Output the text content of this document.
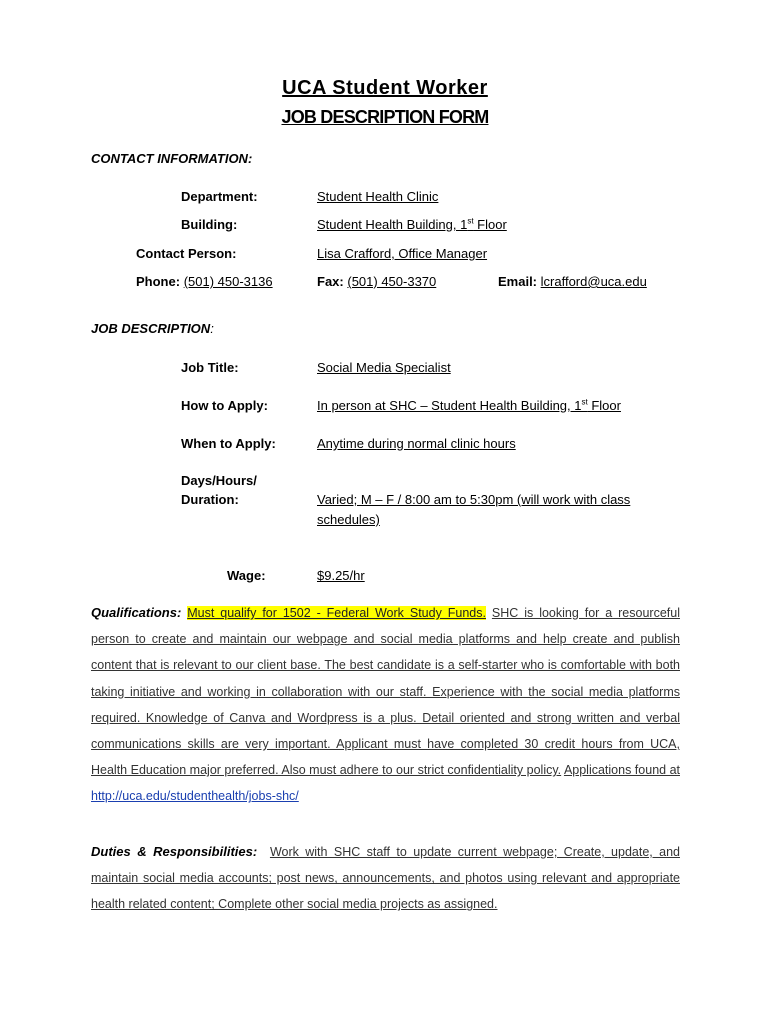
UCA Student Worker
JOB DESCRIPTION FORM
CONTACT INFORMATION:
Department:	Student Health Clinic
Building:	Student Health Building, 1st Floor
Contact Person:	Lisa Crafford, Office Manager
Phone: (501) 450-3136	Fax: (501) 450-3370	Email: lcrafford@uca.edu
JOB DESCRIPTION:
Job Title:	Social Media Specialist
How to Apply:	In person at SHC – Student Health Building, 1st Floor
When to Apply:	Anytime during normal clinic hours
Days/Hours/
Duration:	Varied; M – F / 8:00 am to 5:30pm (will work with class
schedules)
Wage:	$9.25/hr
Qualifications: Must qualify for 1502 - Federal Work Study Funds. SHC is looking for a resourceful person to create and maintain our webpage and social media platforms and help create and publish content that is relevant to our client base. The best candidate is a self-starter who is comfortable with both taking initiative and working in collaboration with our staff. Experience with the social media platforms required. Knowledge of Canva and Wordpress is a plus. Detail oriented and strong written and verbal communications skills are very important. Applicant must have completed 30 credit hours from UCA, Health Education major preferred. Also must adhere to our strict confidentiality policy. Applications found at http://uca.edu/studenthealth/jobs-shc/
Duties & Responsibilities: Work with SHC staff to update current webpage; Create, update, and maintain social media accounts; post news, announcements, and photos using relevant and appropriate health related content; Complete other social media projects as assigned.
